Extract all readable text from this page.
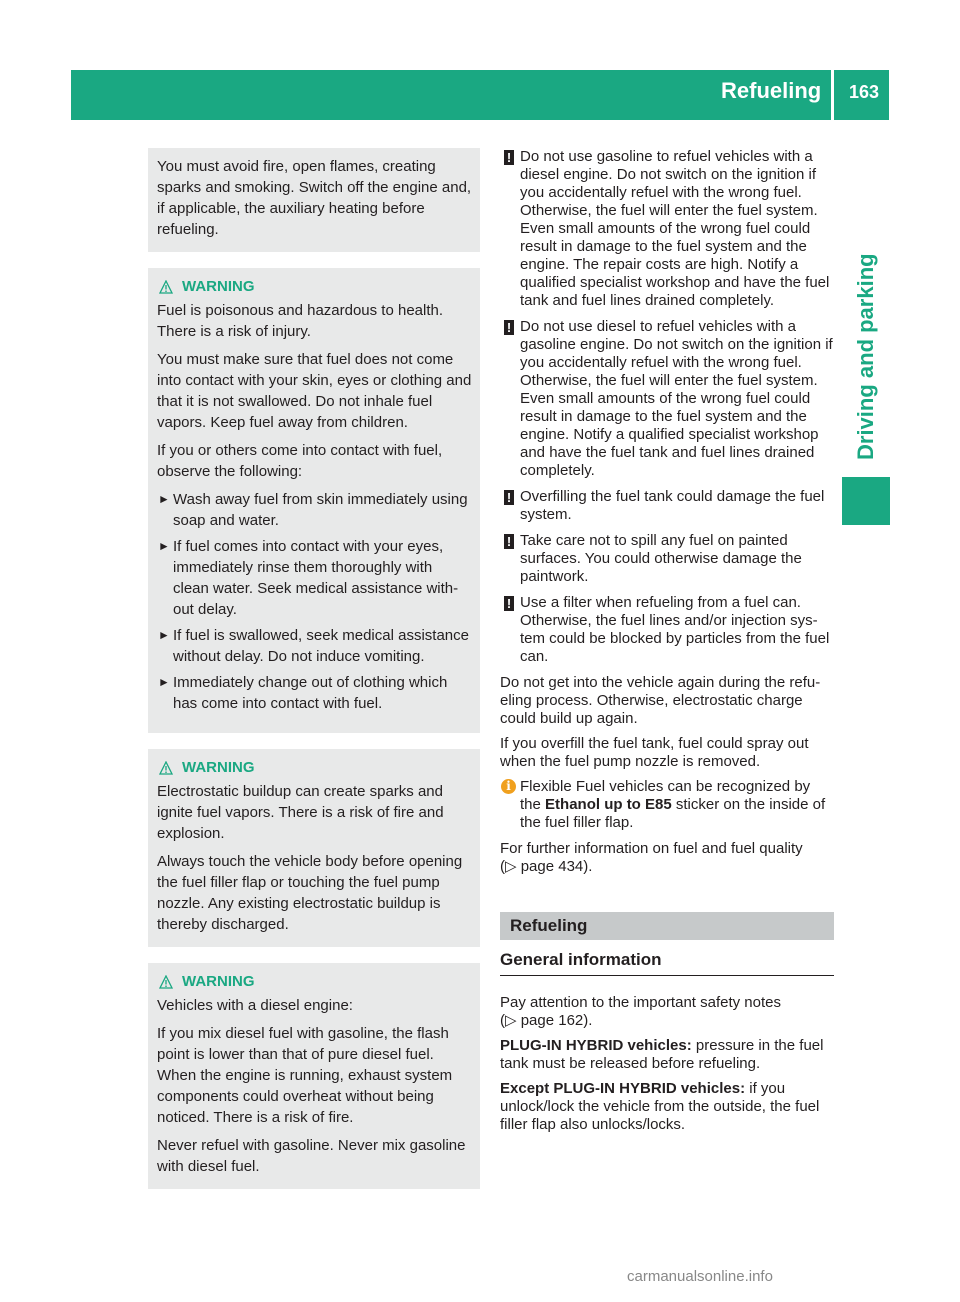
Refueling	163
Driving and parking

You must avoid fire, open flames, creating sparks and smoking. Switch off the engine and, if applicable, the auxiliary heating before refueling.

WARNING

Fuel is poisonous and hazardous to health. There is a risk of injury.

You must make sure that fuel does not come into contact with your skin, eyes or clothing and that it is not swallowed. Do not inhale fuel vapors. Keep fuel away from children.

If you or others come into contact with fuel, observe the following:

► Wash away fuel from skin immediately using soap and water.
► If fuel comes into contact with your eyes, immediately rinse them thoroughly with clean water. Seek medical assistance without delay.
► If fuel is swallowed, seek medical assistance without delay. Do not induce vomiting.
► Immediately change out of clothing which has come into contact with fuel.
WARNING

Electrostatic buildup can create sparks and ignite fuel vapors. There is a risk of fire and explosion.

Always touch the vehicle body before opening the fuel filler flap or touching the fuel pump nozzle. Any existing electrostatic buildup is thereby discharged.

WARNING

Vehicles with a diesel engine:

If you mix diesel fuel with gasoline, the flash point is lower than that of pure diesel fuel. When the engine is running, exhaust system components could overheat without being noticed. There is a risk of fire.

Never refuel with gasoline. Never mix gasoline with diesel fuel.

! Do not use gasoline to refuel vehicles with a diesel engine. Do not switch on the ignition if you accidentally refuel with the wrong fuel. Otherwise, the fuel will enter the fuel system. Even small amounts of the wrong fuel could result in damage to the fuel system and the engine. The repair costs are high. Notify a qualified specialist workshop and have the fuel tank and fuel lines drained completely.

! Do not use diesel to refuel vehicles with a gasoline engine. Do not switch on the ignition if you accidentally refuel with the wrong fuel. Otherwise, the fuel will enter the fuel system. Even small amounts of the wrong fuel could result in damage to the fuel system and the engine. Notify a qualified specialist workshop and have the fuel tank and fuel lines drained completely.

! Overfilling the fuel tank could damage the fuel system.

! Take care not to spill any fuel on painted surfaces. You could otherwise damage the paintwork.

! Use a filter when refueling from a fuel can. Otherwise, the fuel lines and/or injection system could be blocked by particles from the fuel can.

Do not get into the vehicle again during the refueling process. Otherwise, electrostatic charge could build up again.

If you overfill the fuel tank, fuel could spray out when the fuel pump nozzle is removed.

i Flexible Fuel vehicles can be recognized by the Ethanol up to E85 sticker on the inside of the fuel filler flap.

For further information on fuel and fuel quality
(▷ page 434).

Refueling
General information

Pay attention to the important safety notes
(▷ page 162).

PLUG-IN HYBRID vehicles: pressure in the fuel tank must be released before refueling.

Except PLUG-IN HYBRID vehicles: if you unlock/lock the vehicle from the outside, the fuel filler flap also unlocks/locks.

carmanualsonline.info
